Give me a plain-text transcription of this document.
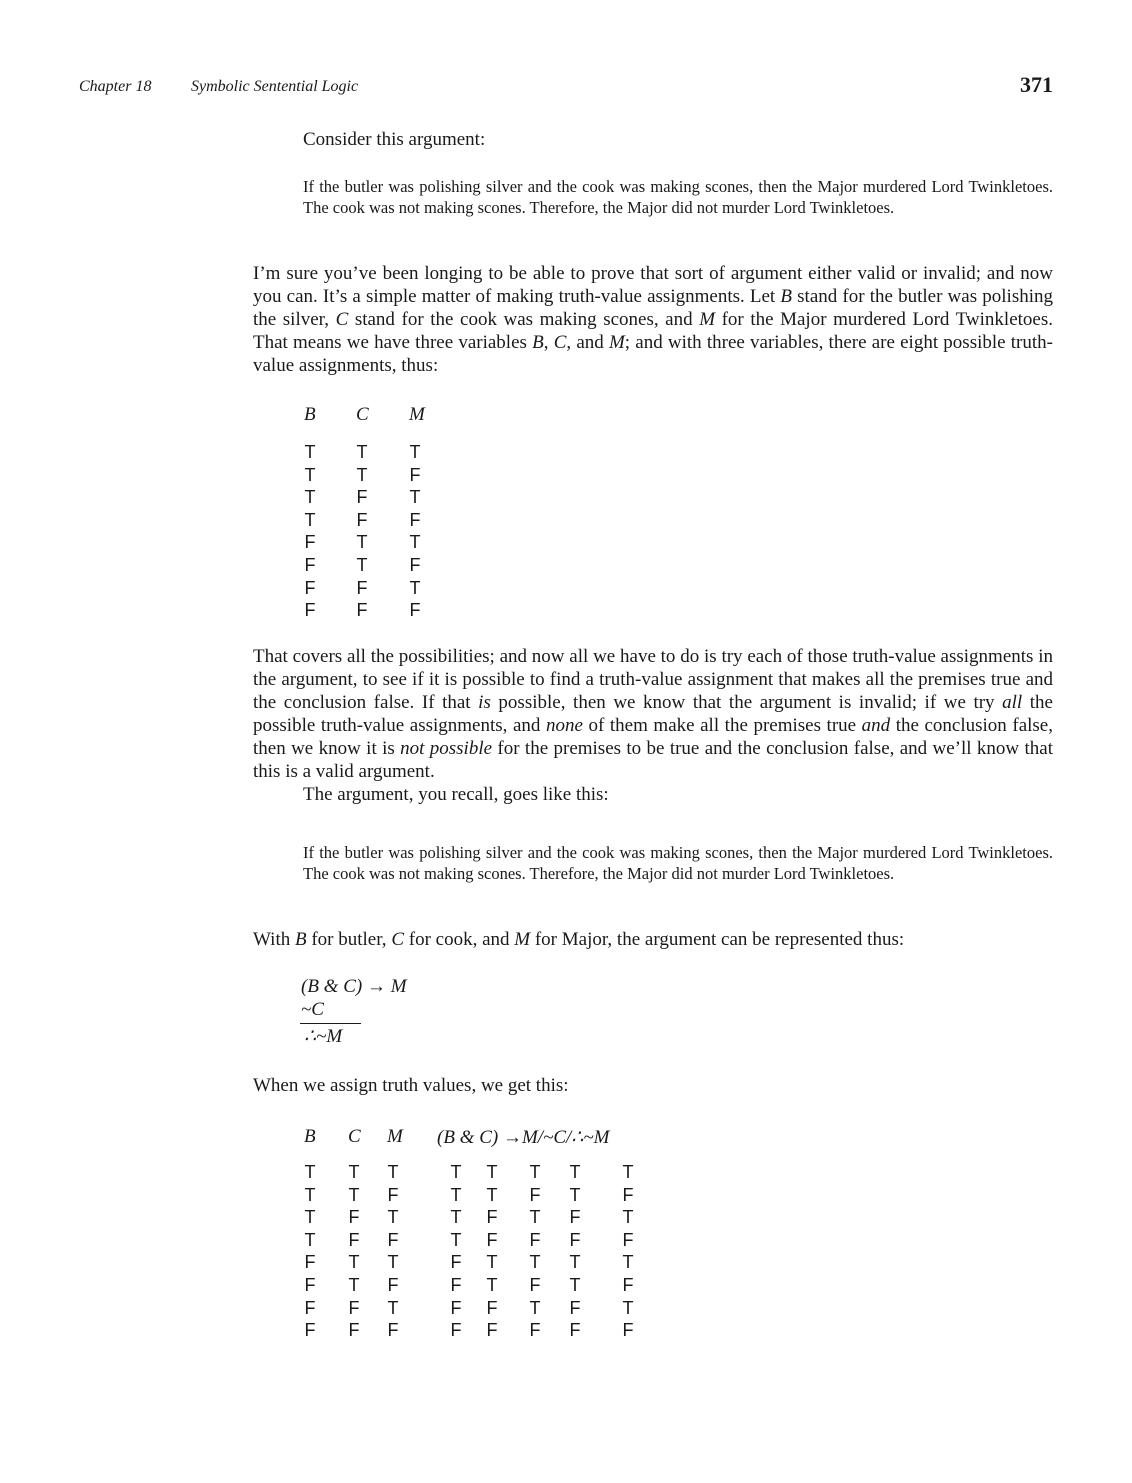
Chapter 18 Symbolic Sentential Logic	371
Consider this argument:
If the butler was polishing silver and the cook was making scones, then the Major murdered Lord Twinkletoes. The cook was not making scones. Therefore, the Major did not murder Lord Twinkletoes.
I’m sure you’ve been longing to be able to prove that sort of argument either valid or invalid; and now you can. It’s a simple matter of making truth-value assignments. Let B stand for the butler was polishing the silver, C stand for the cook was making scones, and M for the Major murdered Lord Twinkletoes. That means we have three variables B, C, and M; and with three variables, there are eight possible truth-value assignments, thus:
B C M
T T T
T T F
T F T
T F F
F T T
F T F
F F T
F F F
That covers all the possibilities; and now all we have to do is try each of those truth-value assignments in the argument, to see if it is possible to find a truth-value assignment that makes all the premises true and the conclusion false. If that is possible, then we know that the argument is invalid; if we try all the possible truth-value assignments, and none of them make all the premises true and the conclusion false, then we know it is not possible for the premises to be true and the conclusion false, and we’ll know that this is a valid argument.
The argument, you recall, goes like this:
If the butler was polishing silver and the cook was making scones, then the Major murdered Lord Twinkletoes. The cook was not making scones. Therefore, the Major did not murder Lord Twinkletoes.
With B for butler, C for cook, and M for Major, the argument can be represented thus:
(B & C) → M
~C
∴~M
When we assign truth values, we get this:
B C M (B & C) →M/~C/∴~M
T T T	T T T T T
T T F	T T F T F
T F T	T F T F T
T F F	T F F F F
F T T	F T T T T
F T F	F T F T F
F F T	F F T F T
F F F	F F F F F
